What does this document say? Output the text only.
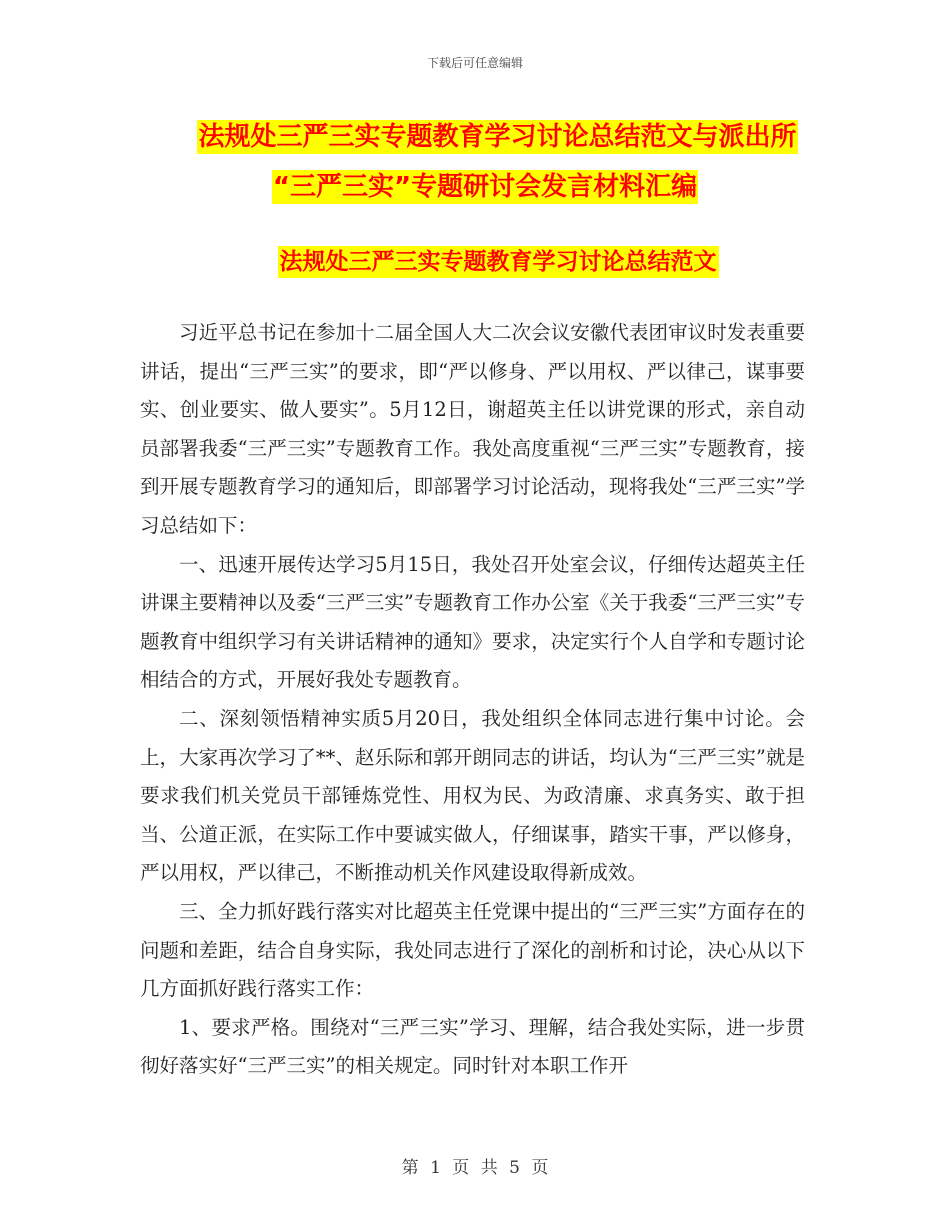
下载后可任意编辑
法规处三严三实专题教育学习讨论总结范文与派出所
“三严三实”专题研讨会发言材料汇编
法规处三严三实专题教育学习讨论总结范文

习近平总书记在参加十二届全国人大二次会议安徽代表团审议时发表重要讲话，提出“三严三实”的要求，即“严以修身、严以用权、严以律己，谋事要实、创业要实、做人要实”。5月12日，谢超英主任以讲党课的形式，亲自动员部署我委“三严三实”专题教育工作。我处高度重视“三严三实”专题教育，接到开展专题教育学习的通知后，即部署学习讨论活动，现将我处“三严三实”学习总结如下：

一、迅速开展传达学习5月15日，我处召开处室会议，仔细传达超英主任讲课主要精神以及委“三严三实”专题教育工作办公室《关于我委“三严三实”专题教育中组织学习有关讲话精神的通知》要求，决定实行个人自学和专题讨论相结合的方式，开展好我处专题教育。

二、深刻领悟精神实质5月20日，我处组织全体同志进行集中讨论。会上，大家再次学习了**、赵乐际和郭开朗同志的讲话，均认为“三严三实”就是要求我们机关党员干部锤炼党性、用权为民、为政清廉、求真务实、敢于担当、公道正派，在实际工作中要诚实做人，仔细谋事，踏实干事，严以修身，严以用权，严以律己，不断推动机关作风建设取得新成效。

三、全力抓好践行落实对比超英主任党课中提出的“三严三实”方面存在的问题和差距，结合自身实际，我处同志进行了深化的剖析和讨论，决心从以下几方面抓好践行落实工作：

1、要求严格。围绕对“三严三实”学习、理解，结合我处实际，进一步贯彻好落实好“三严三实”的相关规定。同时针对本职工作开

第 1 页 共 5 页
